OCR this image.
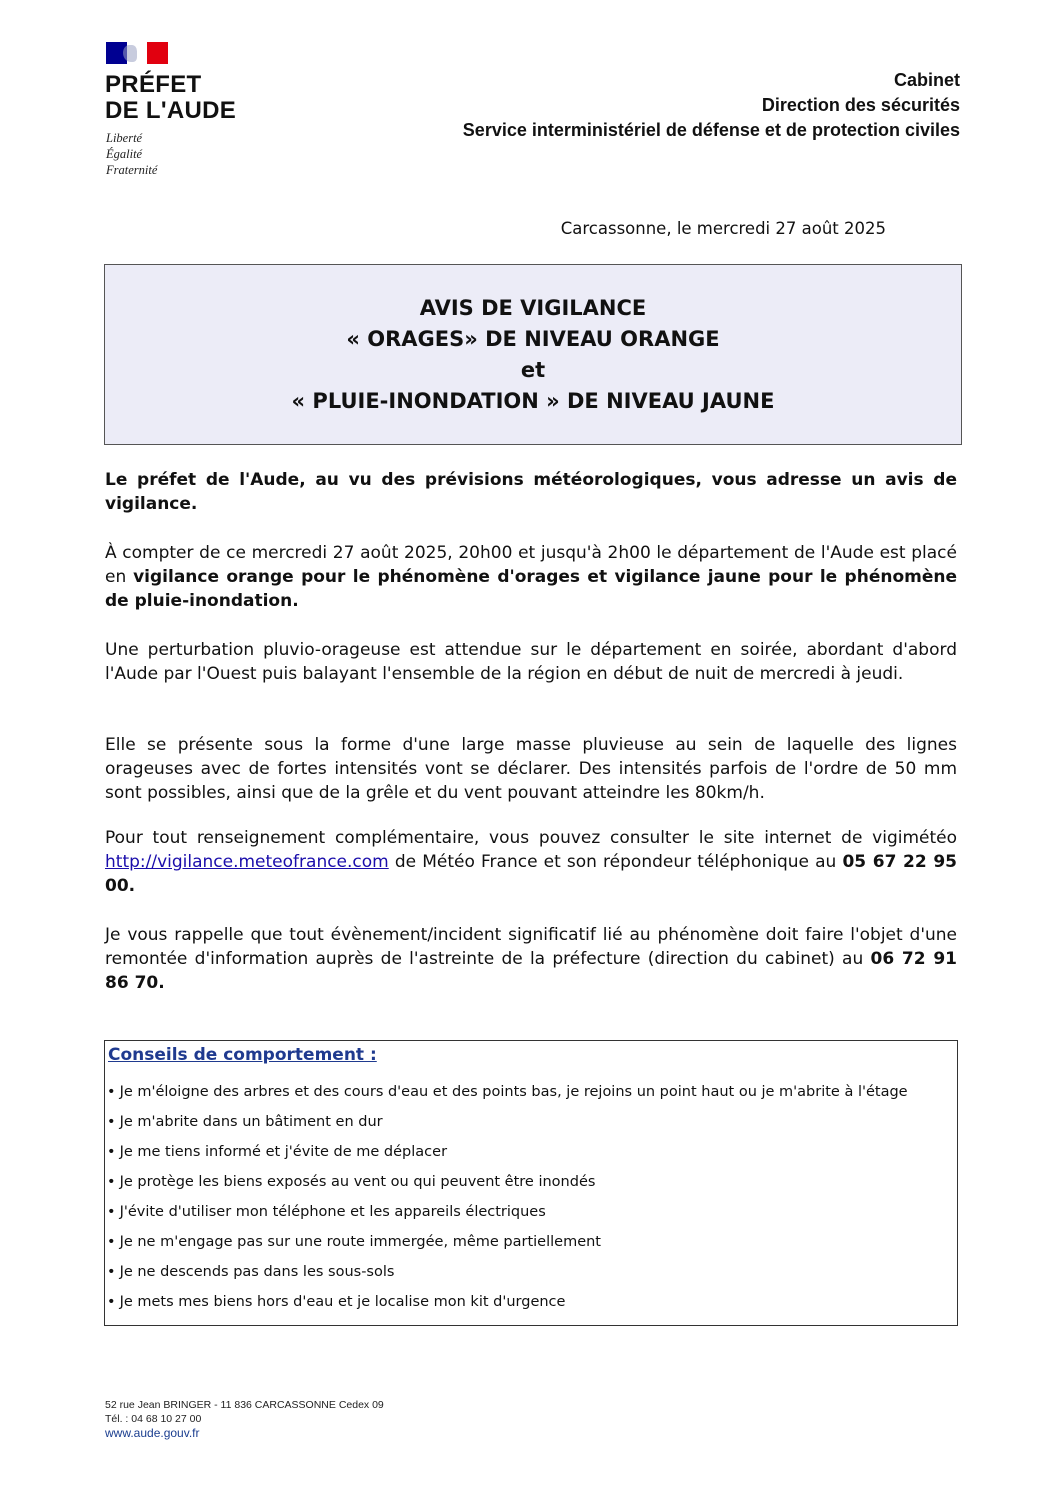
PRÉFET
DE L'AUDE
Liberté
Égalité
Fraternité
Cabinet
Direction des sécurités
Service interministériel de défense et de protection civiles
Carcassonne, le mercredi 27 août 2025
AVIS DE VIGILANCE
« ORAGES» DE NIVEAU ORANGE
et
« PLUIE-INONDATION » DE NIVEAU JAUNE

Le préfet de l'Aude, au vu des prévisions météorologiques, vous adresse un avis de vigilance.

À compter de ce mercredi 27 août 2025, 20h00 et jusqu'à 2h00 le département de l'Aude est placé en vigilance orange pour le phénomène d'orages et vigilance jaune pour le phénomène de pluie-inondation.

Une perturbation pluvio-orageuse est attendue sur le département en soirée, abordant d'abord l'Aude par l'Ouest puis balayant l'ensemble de la région en début de nuit de mercredi à jeudi.

Elle se présente sous la forme d'une large masse pluvieuse au sein de laquelle des lignes orageuses avec de fortes intensités vont se déclarer. Des intensités parfois de l'ordre de 50 mm sont possibles, ainsi que de la grêle et du vent pouvant atteindre les 80km/h.

Pour tout renseignement complémentaire, vous pouvez consulter le site internet de vigimétéo http://vigilance.meteofrance.com de Météo France et son répondeur téléphonique au 05 67 22 95 00.

Je vous rappelle que tout évènement/incident significatif lié au phénomène doit faire l'objet d'une remontée d'information auprès de l'astreinte de la préfecture (direction du cabinet) au 06 72 91 86 70.

Conseils de comportement :
• Je m'éloigne des arbres et des cours d'eau et des points bas, je rejoins un point haut ou je m'abrite à l'étage
• Je m'abrite dans un bâtiment en dur
• Je me tiens informé et j'évite de me déplacer
• Je protège les biens exposés au vent ou qui peuvent être inondés
• J'évite d'utiliser mon téléphone et les appareils électriques
• Je ne m'engage pas sur une route immergée, même partiellement
• Je ne descends pas dans les sous-sols
• Je mets mes biens hors d'eau et je localise mon kit d'urgence
52 rue Jean BRINGER - 11 836 CARCASSONNE Cedex 09
Tél. : 04 68 10 27 00
www.aude.gouv.fr
